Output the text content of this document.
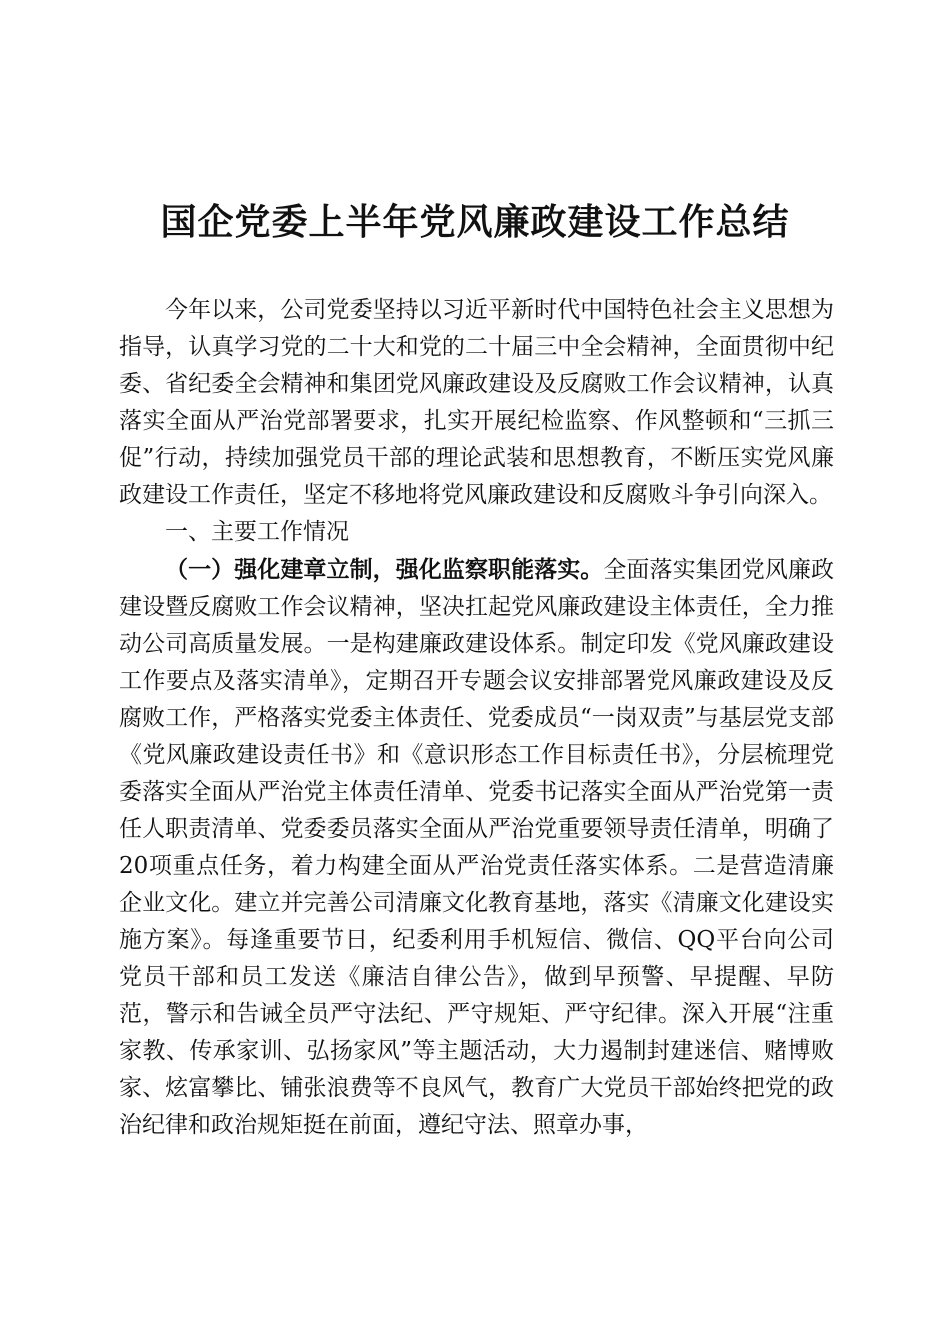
国企党委上半年党风廉政建设工作总结

今年以来，公司党委坚持以习近平新时代中国特色社会主义思想为指导，认真学习党的二十大和党的二十届三中全会精神，全面贯彻中纪委、省纪委全会精神和集团党风廉政建设及反腐败工作会议精神，认真落实全面从严治党部署要求，扎实开展纪检监察、作风整顿和“三抓三促”行动，持续加强党员干部的理论武装和思想教育，不断压实党风廉政建设工作责任，坚定不移地将党风廉政建设和反腐败斗争引向深入。

一、主要工作情况

（一）强化建章立制，强化监察职能落实。全面落实集团党风廉政建设暨反腐败工作会议精神，坚决扛起党风廉政建设主体责任，全力推动公司高质量发展。一是构建廉政建设体系。制定印发《党风廉政建设工作要点及落实清单》，定期召开专题会议安排部署党风廉政建设及反腐败工作，严格落实党委主体责任、党委成员“一岗双责”与基层党支部《党风廉政建设责任书》和《意识形态工作目标责任书》，分层梳理党委落实全面从严治党主体责任清单、党委书记落实全面从严治党第一责任人职责清单、党委委员落实全面从严治党重要领导责任清单，明确了20项重点任务，着力构建全面从严治党责任落实体系。二是营造清廉企业文化。建立并完善公司清廉文化教育基地，落实《清廉文化建设实施方案》。每逢重要节日，纪委利用手机短信、微信、QQ平台向公司党员干部和员工发送《廉洁自律公告》，做到早预警、早提醒、早防范，警示和告诫全员严守法纪、严守规矩、严守纪律。深入开展“注重家教、传承家训、弘扬家风”等主题活动，大力遏制封建迷信、赌博败家、炫富攀比、铺张浪费等不良风气，教育广大党员干部始终把党的政治纪律和政治规矩挺在前面，遵纪守法、照章办事，
